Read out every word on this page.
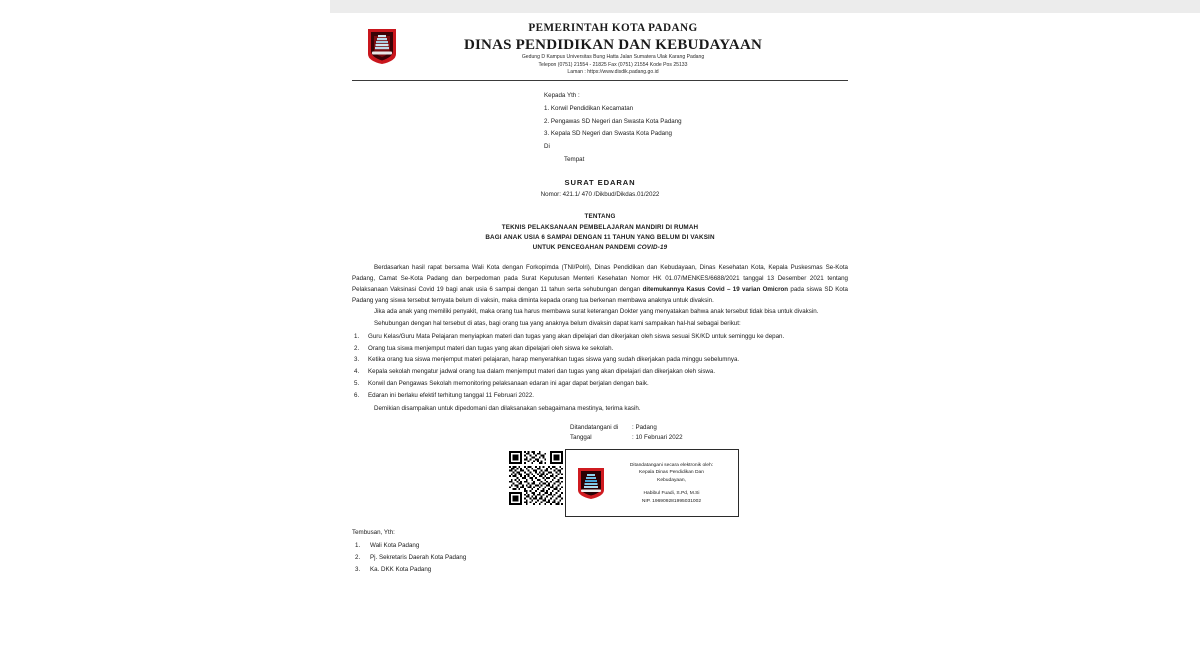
PEMERINTAH KOTA PADANG
DINAS PENDIDIKAN DAN KEBUDAYAAN
Gedung D Kampus Universitas Bung Hatta Jalan Sumatera Ulak Karang Padang
Telepon (0751) 21554 - 21825 Fax (0751) 21554 Kode Pos 25133
Laman : https://www.disdik.padang.go.id
Kepada Yth :
1. Korwil Pendidikan Kecamatan
2. Pengawas SD Negeri dan Swasta Kota Padang
3. Kepala SD Negeri dan Swasta Kota Padang
Di
Tempat
SURAT EDARAN
Nomor: 421.1/ 470 /Dikbud/Dikdas.01/2022
TENTANG
TEKNIS PELAKSANAAN PEMBELAJARAN MANDIRI DI RUMAH
BAGI ANAK USIA 6 SAMPAI DENGAN 11 TAHUN YANG BELUM DI VAKSIN
UNTUK PENCEGAHAN PANDEMI COVID-19

Berdasarkan hasil rapat bersama Wali Kota dengan Forkopimda (TNI/Polri), Dinas Pendidikan dan Kebudayaan, Dinas Kesehatan Kota, Kepala Puskesmas Se-Kota Padang, Camat Se-Kota Padang dan berpedoman pada Surat Keputusan Menteri Kesehatan Nomor HK 01.07/MENKES/6688/2021 tanggal 13 Desember 2021 tentang Pelaksanaan Vaksinasi Covid 19 bagi anak usia 6 sampai dengan 11 tahun serta sehubungan dengan ditemukannya Kasus Covid – 19 varian Omicron pada siswa SD Kota Padang yang siswa tersebut ternyata belum di vaksin, maka diminta kepada orang tua berkenan membawa anaknya untuk divaksin.

Jika ada anak yang memiliki penyakit, maka orang tua harus membawa surat keterangan Dokter yang menyatakan bahwa anak tersebut tidak bisa untuk divaksin.

Sehubungan dengan hal tersebut di atas, bagi orang tua yang anaknya belum divaksin dapat kami sampaikan hal-hal sebagai berikut:

Guru Kelas/Guru Mata Pelajaran menyiapkan materi dan tugas yang akan dipelajari dan dikerjakan oleh siswa sesuai SK/KD untuk seminggu ke depan.
Orang tua siswa menjemput materi dan tugas yang akan dipelajari oleh siswa ke sekolah.
Ketika orang tua siswa menjemput materi pelajaran, harap menyerahkan tugas siswa yang sudah dikerjakan pada minggu sebelumnya.
Kepala sekolah mengatur jadwal orang tua dalam menjemput materi dan tugas yang akan dipelajari dan dikerjakan oleh siswa.
Korwil dan Pengawas Sekolah memonitoring pelaksanaan edaran ini agar dapat berjalan dengan baik.
Edaran ini berlaku efektif terhitung tanggal 11 Februari 2022.
Demikian disampaikan untuk dipedomani dan dilaksanakan sebagaimana mestinya, terima kasih.
Ditandatangani di	: Padang
Tanggal	: 10 Februari 2022
Ditandatangani secara elektronik oleh:
Kepala Dinas Pendidikan Dan
Kebudayaan,
Habibul Fuadi, S.Pd, M.Si
NIP. 196909281995031002
Tembusan, Yth:
Wali Kota Padang
Pj. Sekretaris Daerah Kota Padang
Ka. DKK Kota Padang
